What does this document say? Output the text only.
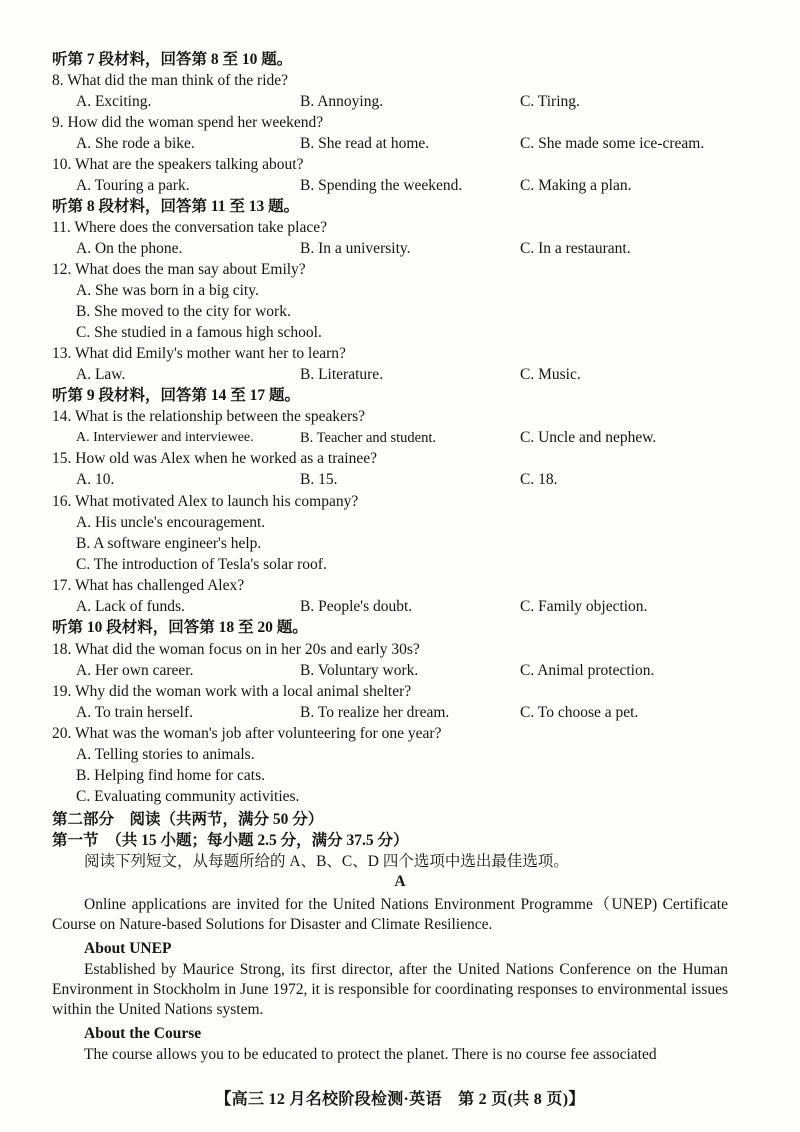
听第 7 段材料，回答第 8 至 10 题。
8. What did the man think of the ride?
A. Exciting.	B. Annoying.	C. Tiring.
9. How did the woman spend her weekend?
A. She rode a bike.	B. She read at home.	C. She made some ice-cream.
10. What are the speakers talking about?
A. Touring a park.	B. Spending the weekend.	C. Making a plan.
听第 8 段材料，回答第 11 至 13 题。
11. Where does the conversation take place?
A. On the phone.	B. In a university.	C. In a restaurant.
12. What does the man say about Emily?
A. She was born in a big city.
B. She moved to the city for work.
C. She studied in a famous high school.
13. What did Emily's mother want her to learn?
A. Law.	B. Literature.	C. Music.
听第 9 段材料，回答第 14 至 17 题。
14. What is the relationship between the speakers?
A. Interviewer and interviewee.	B. Teacher and student.	C. Uncle and nephew.
15. How old was Alex when he worked as a trainee?
A. 10.	B. 15.	C. 18.
16. What motivated Alex to launch his company?
A. His uncle's encouragement.
B. A software engineer's help.
C. The introduction of Tesla's solar roof.
17. What has challenged Alex?
A. Lack of funds.	B. People's doubt.	C. Family objection.
听第 10 段材料，回答第 18 至 20 题。
18. What did the woman focus on in her 20s and early 30s?
A. Her own career.	B. Voluntary work.	C. Animal protection.
19. Why did the woman work with a local animal shelter?
A. To train herself.	B. To realize her dream.	C. To choose a pet.
20. What was the woman's job after volunteering for one year?
A. Telling stories to animals.
B. Helping find home for cats.
C. Evaluating community activities.
第二部分　阅读（共两节，满分 50 分）
第一节　（共 15 小题；每小题 2.5 分，满分 37.5 分）
阅读下列短文，从每题所给的 A、B、C、D 四个选项中选出最佳选项。
A
Online applications are invited for the United Nations Environment Programme（UNEP) Certificate Course on Nature-based Solutions for Disaster and Climate Resilience.
About UNEP
Established by Maurice Strong, its first director, after the United Nations Conference on the Human Environment in Stockholm in June 1972, it is responsible for coordinating responses to environmental issues within the United Nations system.
About the Course
The course allows you to be educated to protect the planet. There is no course fee associated
【高三 12 月名校阶段检测·英语　第 2 页(共 8 页)】
